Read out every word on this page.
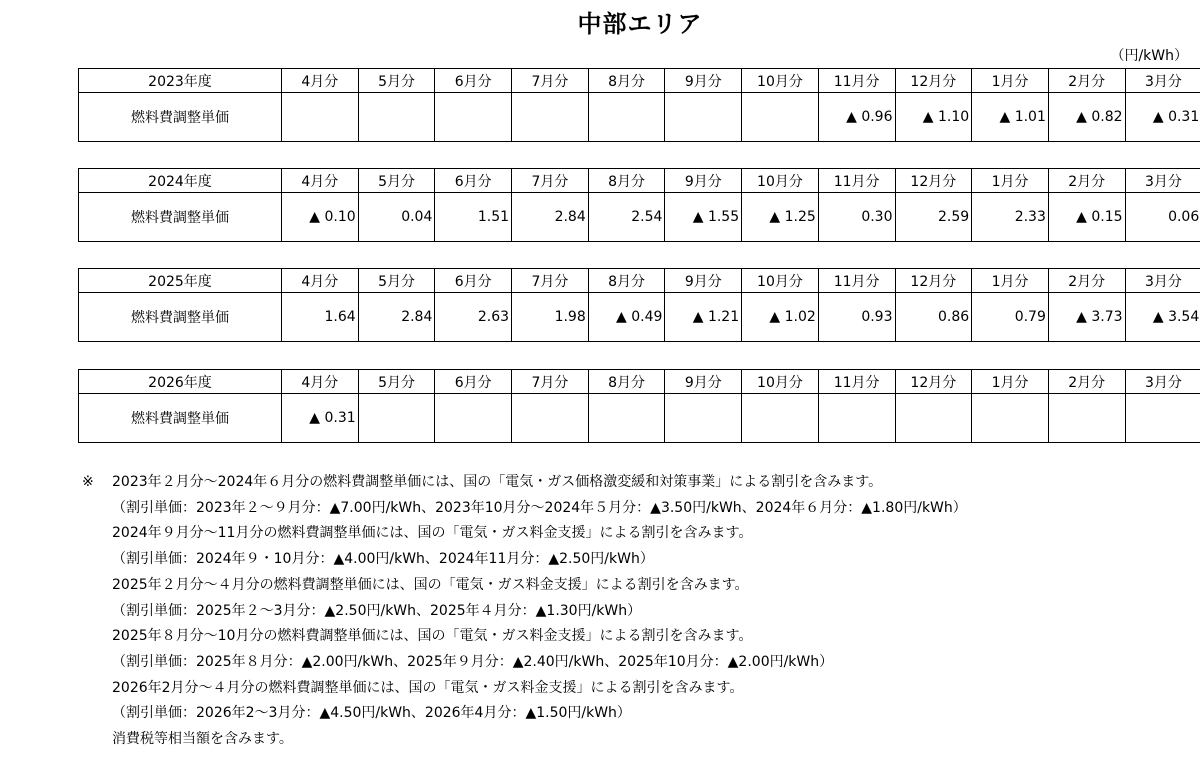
中部エリア
（円/kWh）
2023年度	4月分	5月分	6月分	7月分	8月分	9月分	10月分	11月分	12月分	1月分	2月分	3月分
燃料費調整単価								▲ 0.96	▲ 1.10	▲ 1.01	▲ 0.82	▲ 0.31
2024年度	4月分	5月分	6月分	7月分	8月分	9月分	10月分	11月分	12月分	1月分	2月分	3月分
燃料費調整単価	▲ 0.10	0.04	1.51	2.84	2.54	▲ 1.55	▲ 1.25	0.30	2.59	2.33	▲ 0.15	0.06
2025年度	4月分	5月分	6月分	7月分	8月分	9月分	10月分	11月分	12月分	1月分	2月分	3月分
燃料費調整単価	1.64	2.84	2.63	1.98	▲ 0.49	▲ 1.21	▲ 1.02	0.93	0.86	0.79	▲ 3.73	▲ 3.54
2026年度	4月分	5月分	6月分	7月分	8月分	9月分	10月分	11月分	12月分	1月分	2月分	3月分
燃料費調整単価	▲ 0.31											
※ 2023年２月分～2024年６月分の燃料費調整単価には、国の「電気・ガス価格激変緩和対策事業」による割引を含みます。
（割引単価：2023年２～９月分：▲7.00円/kWh、2023年10月分～2024年５月分：▲3.50円/kWh、2024年６月分：▲1.80円/kWh）
2024年９月分～11月分の燃料費調整単価には、国の「電気・ガス料金支援」による割引を含みます。
（割引単価：2024年９・10月分：▲4.00円/kWh、2024年11月分：▲2.50円/kWh）
2025年２月分～４月分の燃料費調整単価には、国の「電気・ガス料金支援」による割引を含みます。
（割引単価：2025年２～3月分：▲2.50円/kWh、2025年４月分：▲1.30円/kWh）
2025年８月分～10月分の燃料費調整単価には、国の「電気・ガス料金支援」による割引を含みます。
（割引単価：2025年８月分：▲2.00円/kWh、2025年９月分：▲2.40円/kWh、2025年10月分：▲2.00円/kWh）
2026年2月分～４月分の燃料費調整単価には、国の「電気・ガス料金支援」による割引を含みます。
（割引単価：2026年2～3月分：▲4.50円/kWh、2026年4月分：▲1.50円/kWh）
消費税等相当額を含みます。
